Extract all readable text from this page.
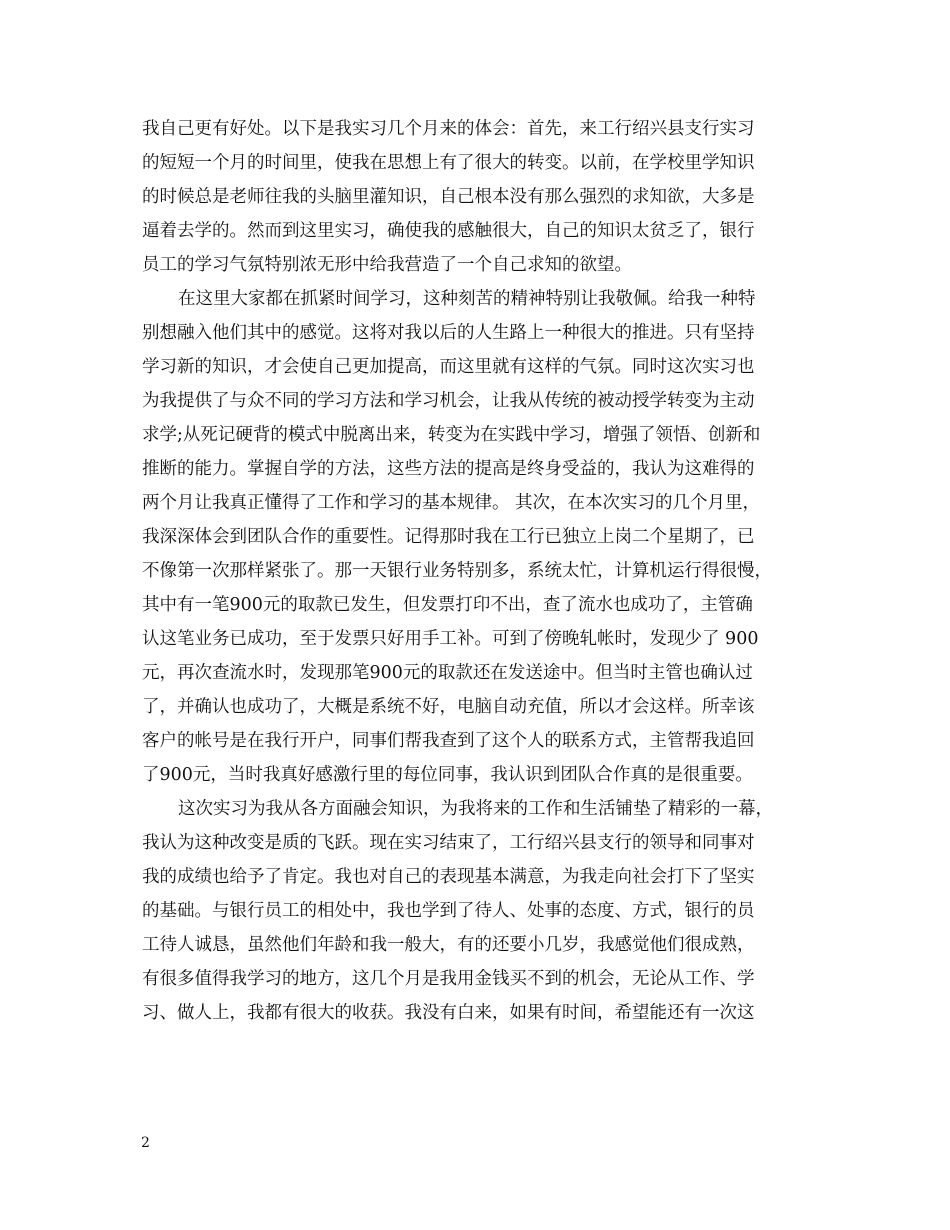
我自己更有好处。以下是我实习几个月来的体会：首先，来工行绍兴县支行实习
的短短一个月的时间里，使我在思想上有了很大的转变。以前，在学校里学知识
的时候总是老师往我的头脑里灌知识，自己根本没有那么强烈的求知欲，大多是
逼着去学的。然而到这里实习，确使我的感触很大，自己的知识太贫乏了，银行
员工的学习气氛特别浓无形中给我营造了一个自己求知的欲望。
在这里大家都在抓紧时间学习，这种刻苦的精神特别让我敬佩。给我一种特
别想融入他们其中的感觉。这将对我以后的人生路上一种很大的推进。只有坚持
学习新的知识，才会使自己更加提高，而这里就有这样的气氛。同时这次实习也
为我提供了与众不同的学习方法和学习机会，让我从传统的被动授学转变为主动
求学;从死记硬背的模式中脱离出来，转变为在实践中学习，增强了领悟、创新和
推断的能力。掌握自学的方法，这些方法的提高是终身受益的，我认为这难得的
两个月让我真正懂得了工作和学习的基本规律。 其次，在本次实习的几个月里，
我深深体会到团队合作的重要性。记得那时我在工行已独立上岗二个星期了，已
不像第一次那样紧张了。那一天银行业务特别多，系统太忙，计算机运行得很慢，
其中有一笔900元的取款已发生，但发票打印不出，查了流水也成功了，主管确
认这笔业务已成功，至于发票只好用手工补。可到了傍晚轧帐时，发现少了 900
元，再次查流水时，发现那笔900元的取款还在发送途中。但当时主管也确认过
了，并确认也成功了，大概是系统不好，电脑自动充值，所以才会这样。所幸该
客户的帐号是在我行开户，同事们帮我查到了这个人的联系方式，主管帮我追回
了900元，当时我真好感激行里的每位同事，我认识到团队合作真的是很重要。
这次实习为我从各方面融会知识，为我将来的工作和生活铺垫了精彩的一幕，
我认为这种改变是质的飞跃。现在实习结束了，工行绍兴县支行的领导和同事对
我的成绩也给予了肯定。我也对自己的表现基本满意，为我走向社会打下了坚实
的基础。与银行员工的相处中，我也学到了待人、处事的态度、方式，银行的员
工待人诚恳，虽然他们年龄和我一般大，有的还要小几岁，我感觉他们很成熟，
有很多值得我学习的地方，这几个月是我用金钱买不到的机会，无论从工作、学
习、做人上，我都有很大的收获。我没有白来，如果有时间，希望能还有一次这
2
